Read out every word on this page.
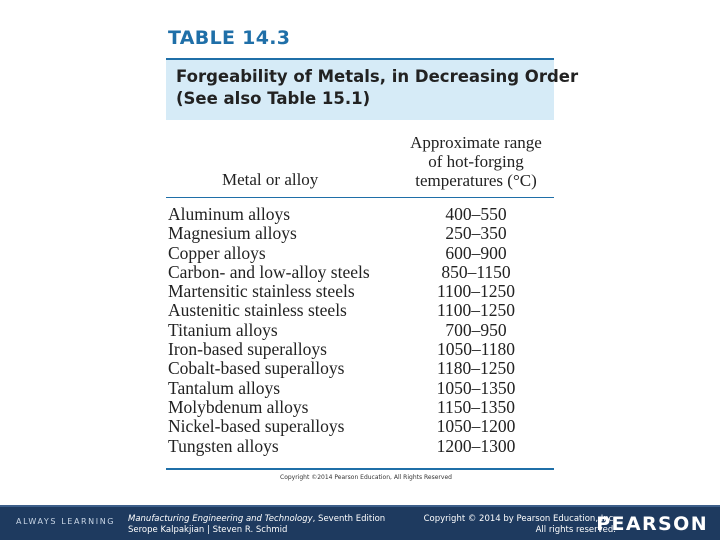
TABLE 14.3
Forgeability of Metals, in Decreasing Order
(See also Table 15.1)
Metal or alloy
Approximate range
of hot-forging
temperatures (°C)
Aluminum alloys	400–550
Magnesium alloys	250–350
Copper alloys	600–900
Carbon- and low-alloy steels	850–1150
Martensitic stainless steels	1100–1250
Austenitic stainless steels	1100–1250
Titanium alloys	700–950
Iron-based superalloys	1050–1180
Cobalt-based superalloys	1180–1250
Tantalum alloys	1050–1350
Molybdenum alloys	1150–1350
Nickel-based superalloys	1050–1200
Tungsten alloys	1200–1300
Copyright ©2014 Pearson Education, All Rights Reserved
ALWAYS LEARNING Manufacturing Engineering and Technology, Seventh Edition
Serope Kalpakjian | Steven R. Schmid
Copyright © 2014 by Pearson Education, Inc.
All rights reserved.
PEARSON
